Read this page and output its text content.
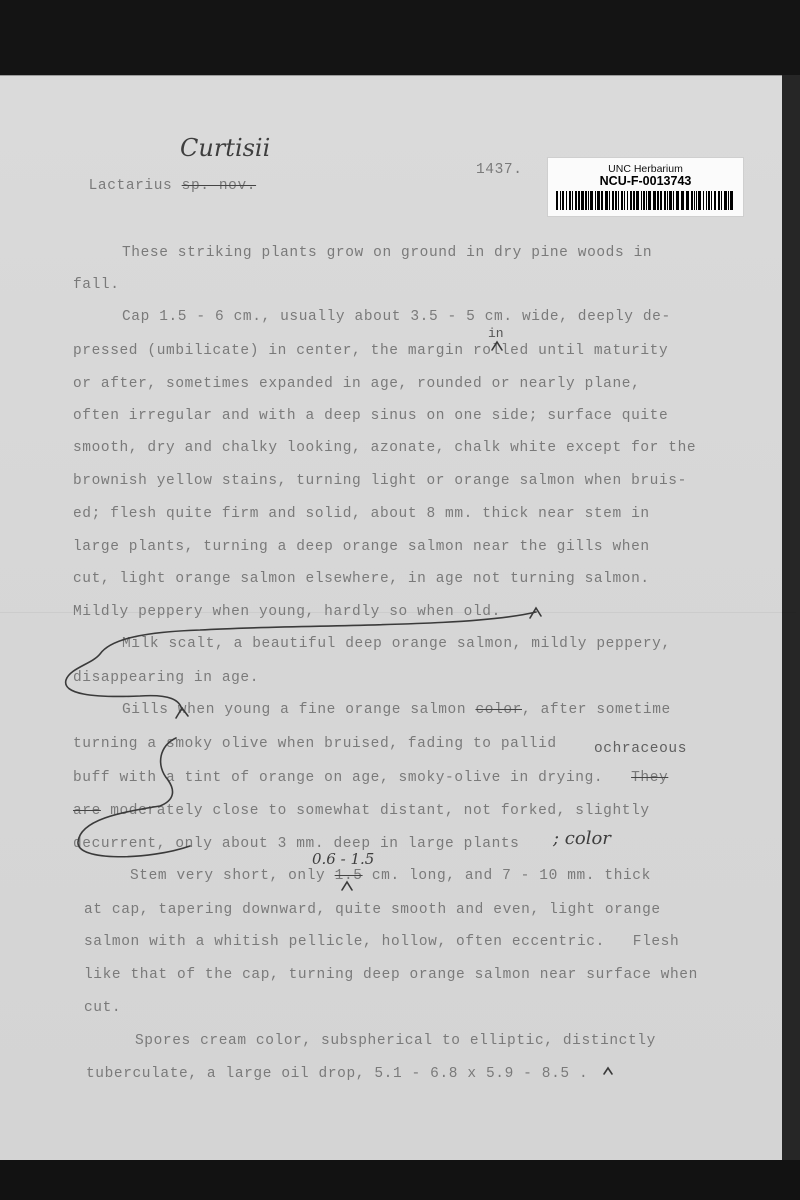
UNC Herbarium
NCU-F-0013743

Lactarius sp. nov.

Curtisii
1437.
These striking plants grow on ground in dry pine woods in
fall.
Cap 1.5 - 6 cm., usually about 3.5 - 5 cm. wide, deeply de-
in
pressed (umbilicate) in center, the margin rolled until maturity
or after, sometimes expanded in age, rounded or nearly plane,
often irregular and with a deep sinus on one side; surface quite
smooth, dry and chalky looking, azonate, chalk white except for the
brownish yellow stains, turning light or orange salmon when bruis-
ed; flesh quite firm and solid, about 8 mm. thick near stem in
large plants, turning a deep orange salmon near the gills when
cut, light orange salmon elsewhere, in age not turning salmon.
Mildly peppery when young, hardly so when old.
Milk scalt, a beautiful deep orange salmon, mildly peppery,
disappearing in age.
Gills when young a fine orange salmon color, after sometime
turning a smoky olive when bruised, fading to pallid	ochraceous
buff with a tint of orange on age, smoky-olive in drying. They
are moderately close to somewhat distant, not forked, slightly
decurrent, only about 3 mm. deep in large plants ; color
0.6 - 1.5
Stem very short, only 1.5 cm. long, and 7 - 10 mm. thick
at cap, tapering downward, quite smooth and even, light orange
salmon with a whitish pellicle, hollow, often eccentric.   Flesh
like that of the cap, turning deep orange salmon near surface when
cut.
Spores cream color, subspherical to elliptic, distinctly
tuberculate, a large oil drop, 5.1 - 6.8 x 5.9 - 8.5 .
